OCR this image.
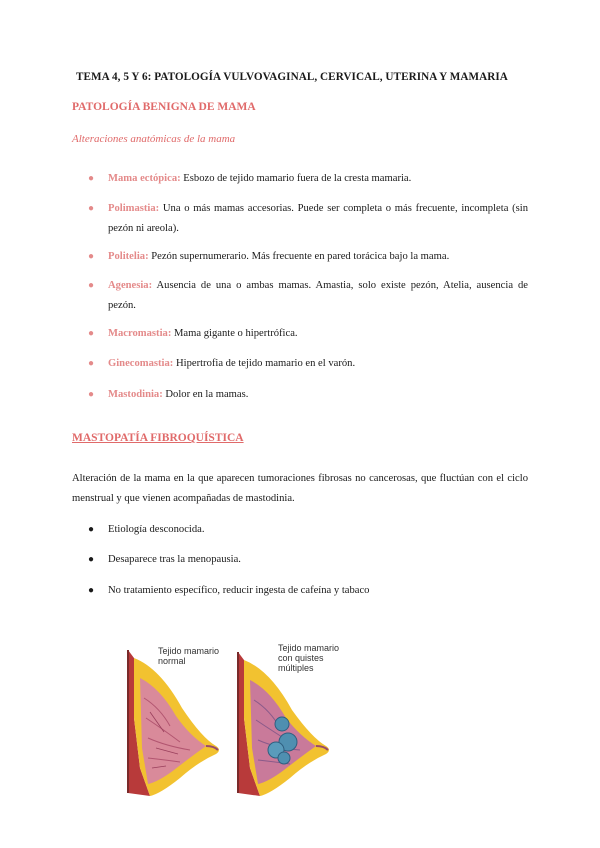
TEMA 4, 5 Y 6: PATOLOGÍA VULVOVAGINAL, CERVICAL, UTERINA Y MAMARIA
PATOLOGÍA BENIGNA DE MAMA
Alteraciones anatómicas de la mama
● Mama ectópica: Esbozo de tejido mamario fuera de la cresta mamaria.
● Polimastia: Una o más mamas accesorias. Puede ser completa o más frecuente, incompleta (sin pezón ni areola).
● Politelia: Pezón supernumerario. Más frecuente en pared torácica bajo la mama.
● Agenesia: Ausencia de una o ambas mamas. Amastia, solo existe pezón, Atelia, ausencia de pezón.
● Macromastia: Mama gigante o hipertrófica.
● Ginecomastia: Hipertrofia de tejido mamario en el varón.
● Mastodinia: Dolor en la mamas.
MASTOPATÍA FIBROQUÍSTICA
Alteración de la mama en la que aparecen tumoraciones fibrosas no cancerosas, que fluctúan con el ciclo menstrual y que vienen acompañadas de mastodinia.
● Etiología desconocida.
● Desaparece tras la menopausia.
● No tratamiento específico, reducir ingesta de cafeína y tabaco
Tejido mamario
normal
Tejido mamario
con quistes
múltiples
